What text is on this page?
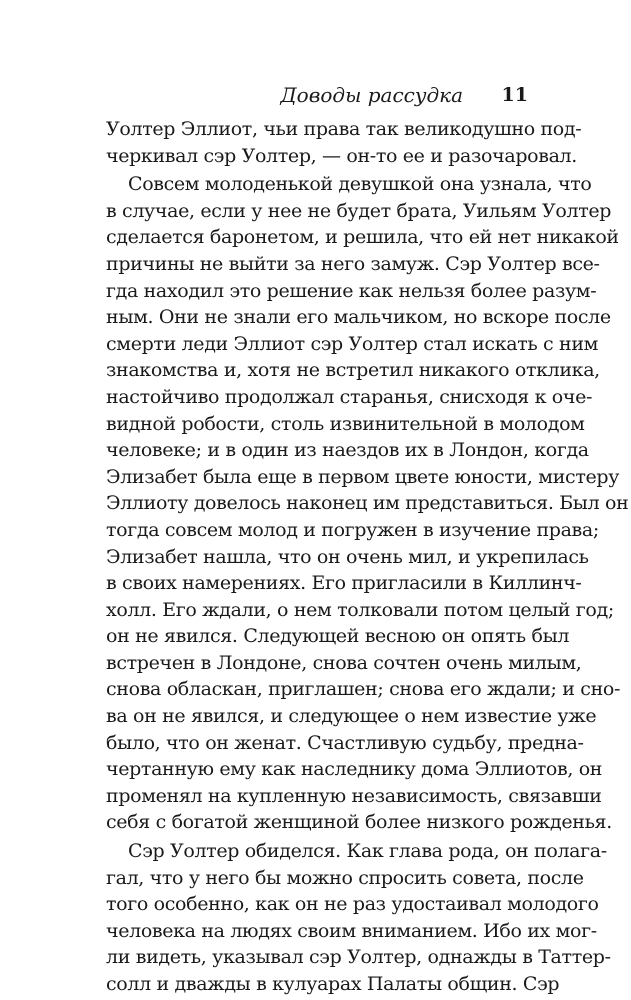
Доводы рассудка 11
Уолтер Эллиот, чьи права так великодушно под-
черкивал сэр Уолтер, — он-то ее и разочаровал.
Совсем молоденькой девушкой она узнала, что
в случае, если у нее не будет брата, Уильям Уолтер
сделается баронетом, и решила, что ей нет никакой
причины не выйти за него замуж. Сэр Уолтер все-
гда находил это решение как нельзя более разум-
ным. Они не знали его мальчиком, но вскоре после
смерти леди Эллиот сэр Уолтер стал искать с ним
знакомства и, хотя не встретил никакого отклика,
настойчиво продолжал старанья, снисходя к оче-
видной робости, столь извинительной в молодом
человеке; и в один из наездов их в Лондон, когда
Элизабет была еще в первом цвете юности, мистеру
Эллиоту довелось наконец им представиться. Был он
тогда совсем молод и погружен в изучение права;
Элизабет нашла, что он очень мил, и укрепилась
в своих намерениях. Его пригласили в Киллинч-
холл. Его ждали, о нем толковали потом целый год;
он не явился. Следующей весною он опять был
встречен в Лондоне, снова сочтен очень милым,
снова обласкан, приглашен; снова его ждали; и сно-
ва он не явился, и следующее о нем известие уже
было, что он женат. Счастливую судьбу, предна-
чертанную ему как наследнику дома Эллиотов, он
променял на купленную независимость, связавши
себя с богатой женщиной более низкого рожденья.
Сэр Уолтер обиделся. Как глава рода, он полага-
гал, что у него бы можно спросить совета, после
того особенно, как он не раз удостаивал молодого
человека на людях своим вниманием. Ибо их мог-
ли видеть, указывал сэр Уолтер, однажды в Таттер-
солл и дважды в кулуарах Палаты общин. Сэр
